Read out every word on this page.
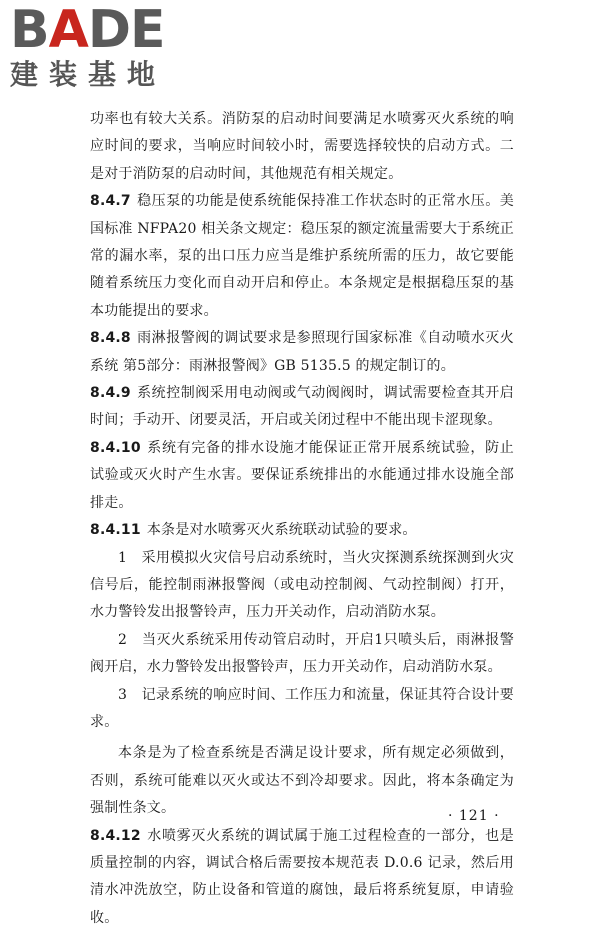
B A DE
建装基地

功率也有较大关系。消防泵的启动时间要满足水喷雾灭火系统的响应时间的要求，当响应时间较小时，需要选择较快的启动方式。二是对于消防泵的启动时间，其他规范有相关规定。

8.4.7 稳压泵的功能是使系统能保持准工作状态时的正常水压。美国标准 NFPA20 相关条文规定：稳压泵的额定流量需要大于系统正常的漏水率，泵的出口压力应当是维护系统所需的压力，故它要能随着系统压力变化而自动开启和停止。本条规定是根据稳压泵的基本功能提出的要求。

8.4.8 雨淋报警阀的调试要求是参照现行国家标准《自动喷水灭火系统 第5部分：雨淋报警阀》GB 5135.5 的规定制订的。

8.4.9 系统控制阀采用电动阀或气动阀阀时，调试需要检查其开启时间；手动开、闭要灵活，开启或关闭过程中不能出现卡涩现象。

8.4.10 系统有完备的排水设施才能保证正常开展系统试验，防止试验或灭火时产生水害。要保证系统排出的水能通过排水设施全部排走。

8.4.11 本条是对水喷雾灭火系统联动试验的要求。

1　采用模拟火灾信号启动系统时，当火灾探测系统探测到火灾信号后，能控制雨淋报警阀（或电动控制阀、气动控制阀）打开，水力警铃发出报警铃声，压力开关动作，启动消防水泵。

2　当灭火系统采用传动管启动时，开启1只喷头后，雨淋报警阀开启，水力警铃发出报警铃声，压力开关动作，启动消防水泵。

3　记录系统的响应时间、工作压力和流量，保证其符合设计要求。

本条是为了检查系统是否满足设计要求，所有规定必须做到，否则，系统可能难以灭火或达不到冷却要求。因此，将本条确定为强制性条文。

8.4.12 水喷雾灭火系统的调试属于施工过程检查的一部分，也是质量控制的内容，调试合格后需要按本规范表 D.0.6 记录，然后用清水冲洗放空，防止设备和管道的腐蚀，最后将系统复原，申请验收。

· 121 ·
